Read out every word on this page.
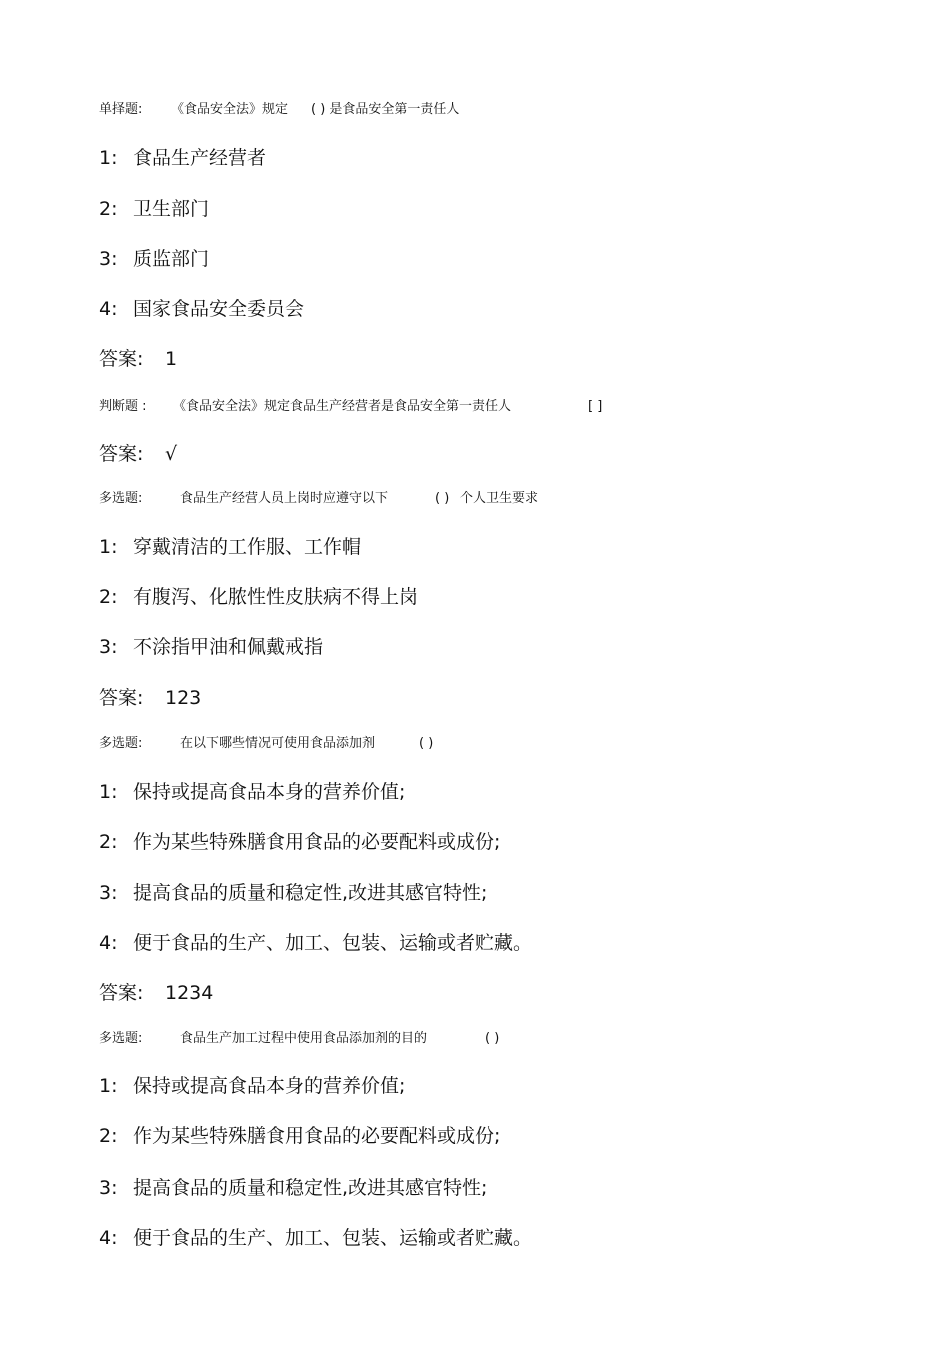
单择题: 《食品安全法》规定 ( ) 是食品安全第一责任人
1: 食品生产经营者
2: 卫生部门
3: 质监部门
4: 国家食品安全委员会
答案: 1
判断题 : 《食品安全法》规定食品生产经营者是食品安全第一责任人	[ ]
答案: √
多选题:	食品生产经营人员上岗时应遵守以下	( ) 个人卫生要求
1: 穿戴清洁的工作服、工作帽
2: 有腹泻、化脓性性皮肤病不得上岗
3: 不涂指甲油和佩戴戒指
答案: 123
多选题:	在以下哪些情况可使用食品添加剂	( )
1: 保持或提高食品本身的营养价值;
2: 作为某些特殊膳食用食品的必要配料或成份;
3: 提高食品的质量和稳定性,改进其感官特性;
4: 便于食品的生产、加工、包装、运输或者贮藏。
答案: 1234
多选题:	食品生产加工过程中使用食品添加剂的目的	( )
1: 保持或提高食品本身的营养价值;
2: 作为某些特殊膳食用食品的必要配料或成份;
3: 提高食品的质量和稳定性,改进其感官特性;
4: 便于食品的生产、加工、包装、运输或者贮藏。
